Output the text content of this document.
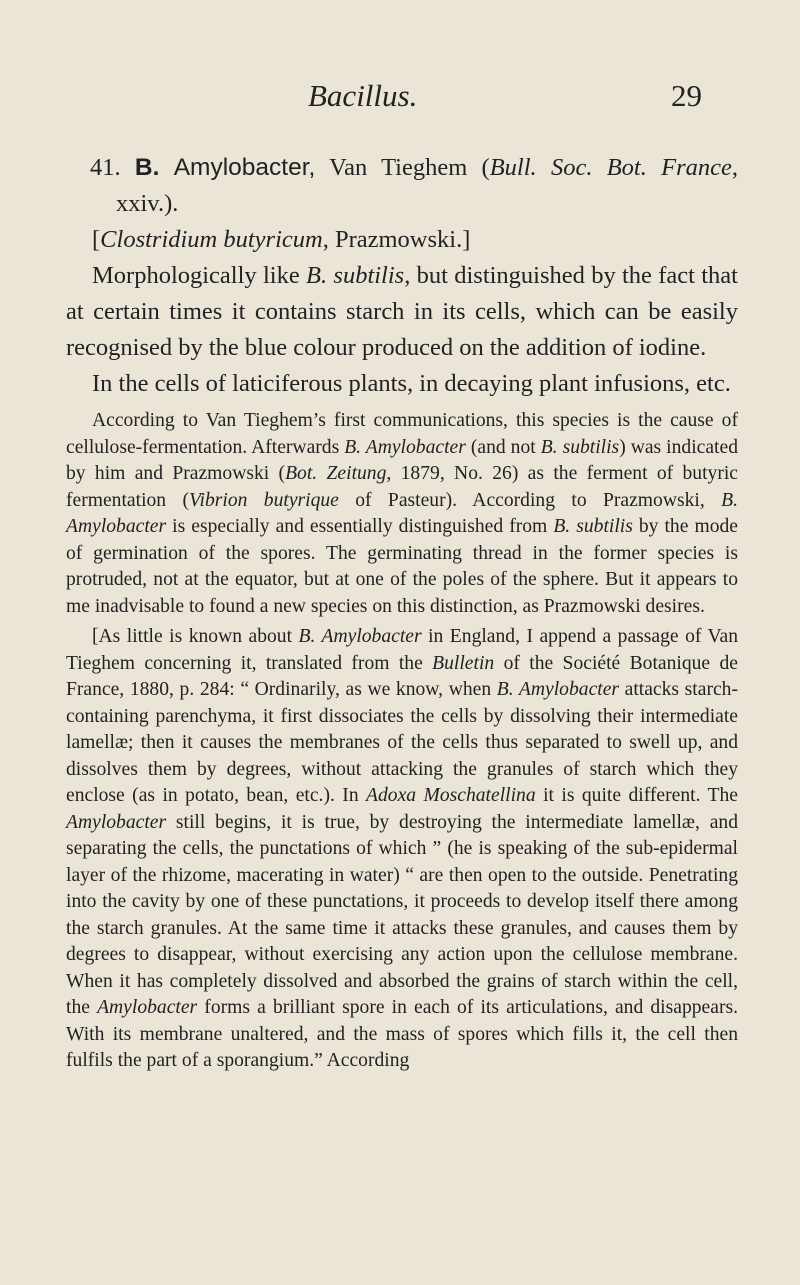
Bacillus.	29

41. B. Amylobacter, Van Tieghem (Bull. Soc. Bot. France, xxiv.).

[Clostridium butyricum, Prazmowski.]

Morphologically like B. subtilis, but distinguished by the fact that at certain times it contains starch in its cells, which can be easily recognised by the blue colour produced on the addition of iodine.

In the cells of laticiferous plants, in decaying plant infusions, etc.

According to Van Tieghem’s first communications, this species is the cause of cellulose-fermentation. Afterwards B. Amylobacter (and not B. subtilis) was indicated by him and Prazmowski (Bot. Zeitung, 1879, No. 26) as the ferment of butyric fermentation (Vibrion butyrique of Pasteur). According to Prazmowski, B. Amylobacter is especially and essentially distinguished from B. subtilis by the mode of germination of the spores. The germinating thread in the former species is protruded, not at the equator, but at one of the poles of the sphere. But it appears to me inadvisable to found a new species on this distinction, as Prazmowski desires.

[As little is known about B. Amylobacter in England, I append a passage of Van Tieghem concerning it, translated from the Bulletin of the Société Botanique de France, 1880, p. 284: “ Ordinarily, as we know, when B. Amylobacter attacks starch-containing parenchyma, it first dissociates the cells by dissolving their intermediate lamellæ; then it causes the membranes of the cells thus separated to swell up, and dissolves them by degrees, without attacking the granules of starch which they enclose (as in potato, bean, etc.). In Adoxa Moschatellina it is quite different. The Amylobacter still begins, it is true, by destroying the intermediate lamellæ, and separating the cells, the punctations of which ” (he is speaking of the sub-epidermal layer of the rhizome, macerating in water) “ are then open to the outside. Penetrating into the cavity by one of these punctations, it proceeds to develop itself there among the starch granules. At the same time it attacks these granules, and causes them by degrees to disappear, without exercising any action upon the cellulose membrane. When it has completely dissolved and absorbed the grains of starch within the cell, the Amylobacter forms a brilliant spore in each of its articulations, and disappears. With its membrane unaltered, and the mass of spores which fills it, the cell then fulfils the part of a sporangium.” According
